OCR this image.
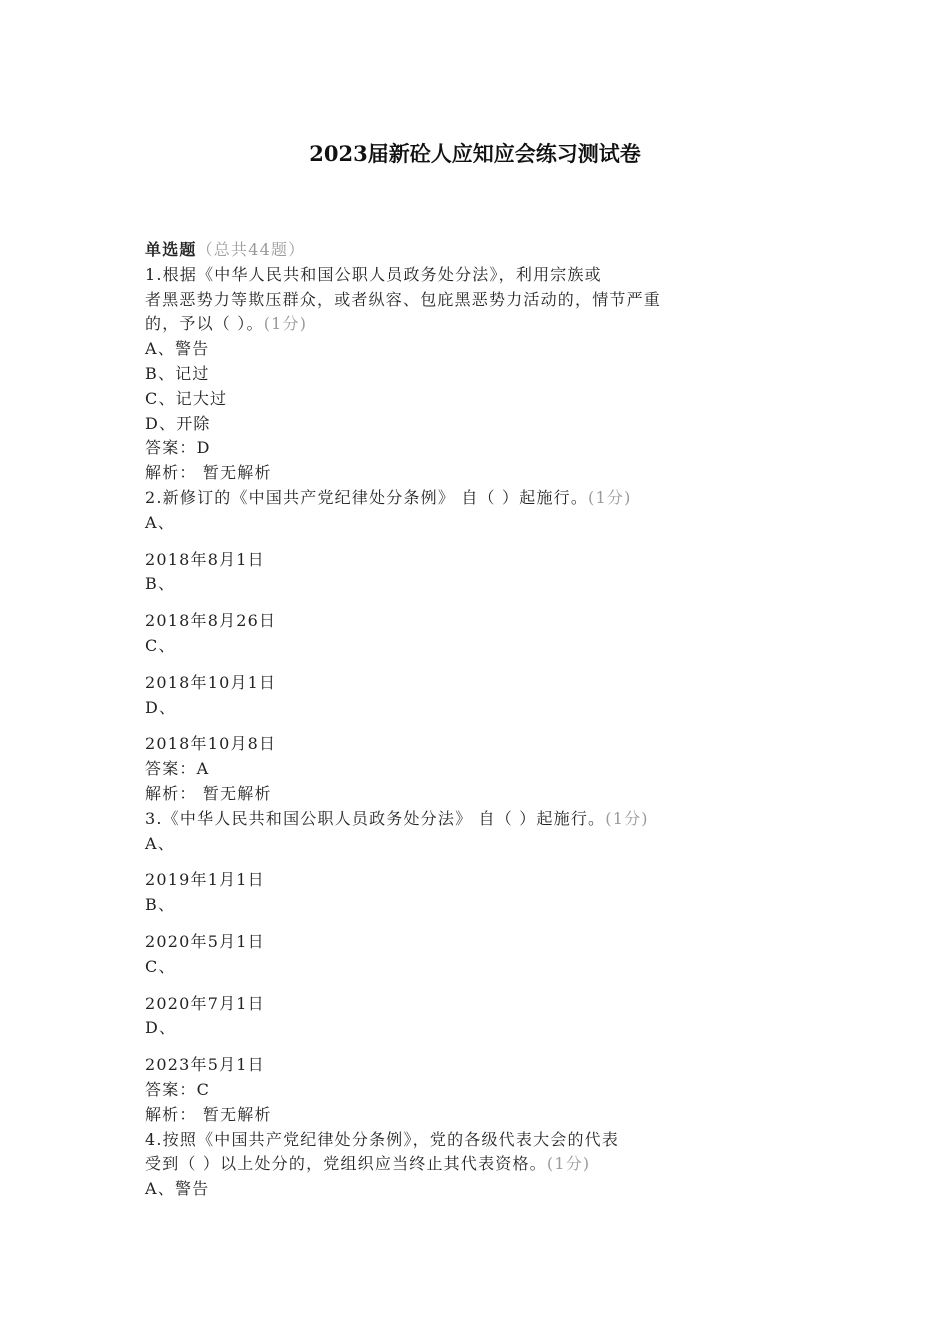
2023届新砼人应知应会练习测试卷
单选题（总共44题）
1.根据《中华人民共和国公职人员政务处分法》，利用宗族或
者黑恶势力等欺压群众，或者纵容、包庇黑恶势力活动的，情节严重
的，予以（ ）。(1分)
A、警告
B、记过
C、记大过
D、开除
答案：D
解析： 暂无解析
2.新修订的《中国共产党纪律处分条例》 自（ ）起施行。(1分)
A、
2018年8月1日
B、
2018年8月26日
C、
2018年10月1日
D、
2018年10月8日
答案：A
解析： 暂无解析
3.《中华人民共和国公职人员政务处分法》 自（ ）起施行。(1分)
A、
2019年1月1日
B、
2020年5月1日
C、
2020年7月1日
D、
2023年5月1日
答案：C
解析： 暂无解析
4.按照《中国共产党纪律处分条例》，党的各级代表大会的代表
受到（ ）以上处分的，党组织应当终止其代表资格。(1分)
A、警告
